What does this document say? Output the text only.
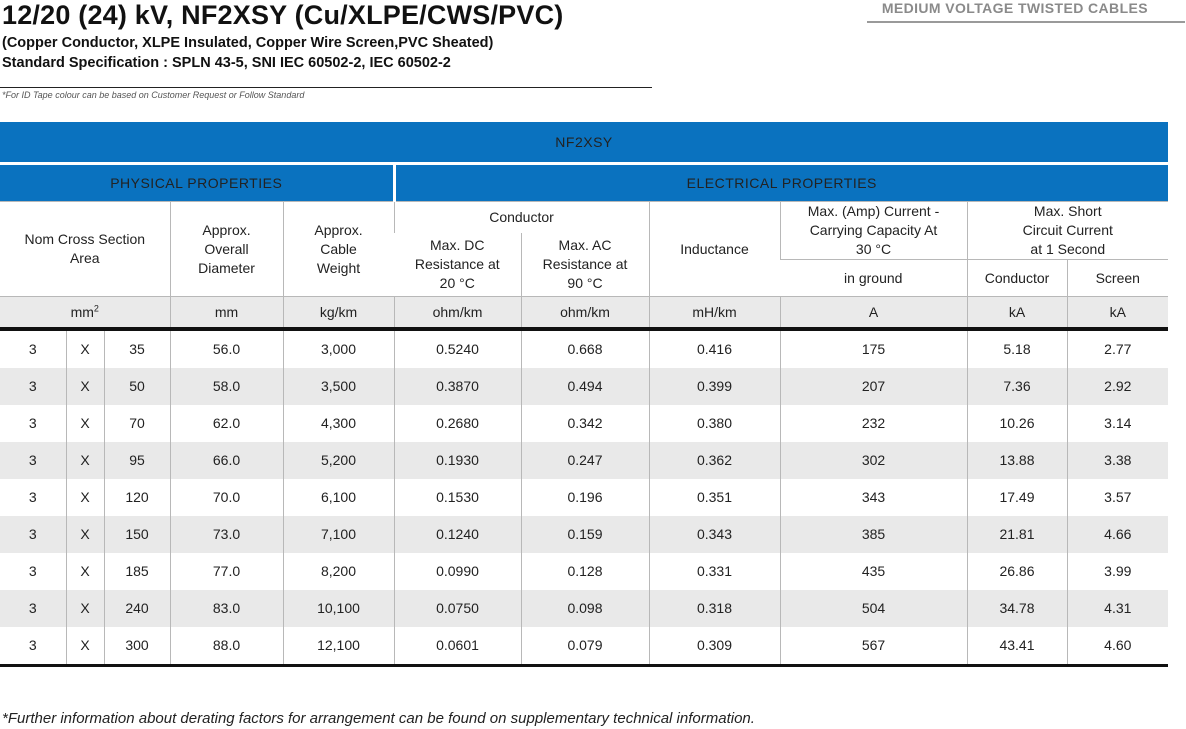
12/20 (24) kV, NF2XSY (Cu/XLPE/CWS/PVC)
(Copper Conductor, XLPE Insulated, Copper Wire Screen,PVC Sheated)
Standard Specification : SPLN 43-5, SNI IEC 60502-2, IEC 60502-2
*For ID Tape colour can be based on Customer Request or Follow Standard
MEDIUM VOLTAGE TWISTED CABLES
NF2XSY										
PHYSICAL PROPERTIES					ELECTRICAL PROPERTIES					

Nom Cross Section Area			Approx. Overall Diameter	Approx. Cable Weight	Conductor		Inductance	Max. (Amp) Current - Carrying Capacity At 30 °C	Max. Short Circuit Current at 1 Second	

					Max. DC Resistance at 20 °C	Max. AC Resistance at 90 °C				

								in ground	Conductor	Screen
$mm^2$			mm	kg/km	ohm/km	ohm/km	mH/km	A	kA	kA
3	X	35	56.0	3,000	0.5240	0.668	0.416	175	5.18	2.77
3	X	50	58.0	3,500	0.3870	0.494	0.399	207	7.36	2.92
3	X	70	62.0	4,300	0.2680	0.342	0.380	232	10.26	3.14
3	X	95	66.0	5,200	0.1930	0.247	0.362	302	13.88	3.38
3	X	120	70.0	6,100	0.1530	0.196	0.351	343	17.49	3.57
3	X	150	73.0	7,100	0.1240	0.159	0.343	385	21.81	4.66
3	X	185	77.0	8,200	0.0990	0.128	0.331	435	26.86	3.99
3	X	240	83.0	10,100	0.0750	0.098	0.318	504	34.78	4.31
3	X	300	88.0	12,100	0.0601	0.079	0.309	567	43.41	4.60
*Further information about derating factors for arrangement can be found on supplementary technical information.
